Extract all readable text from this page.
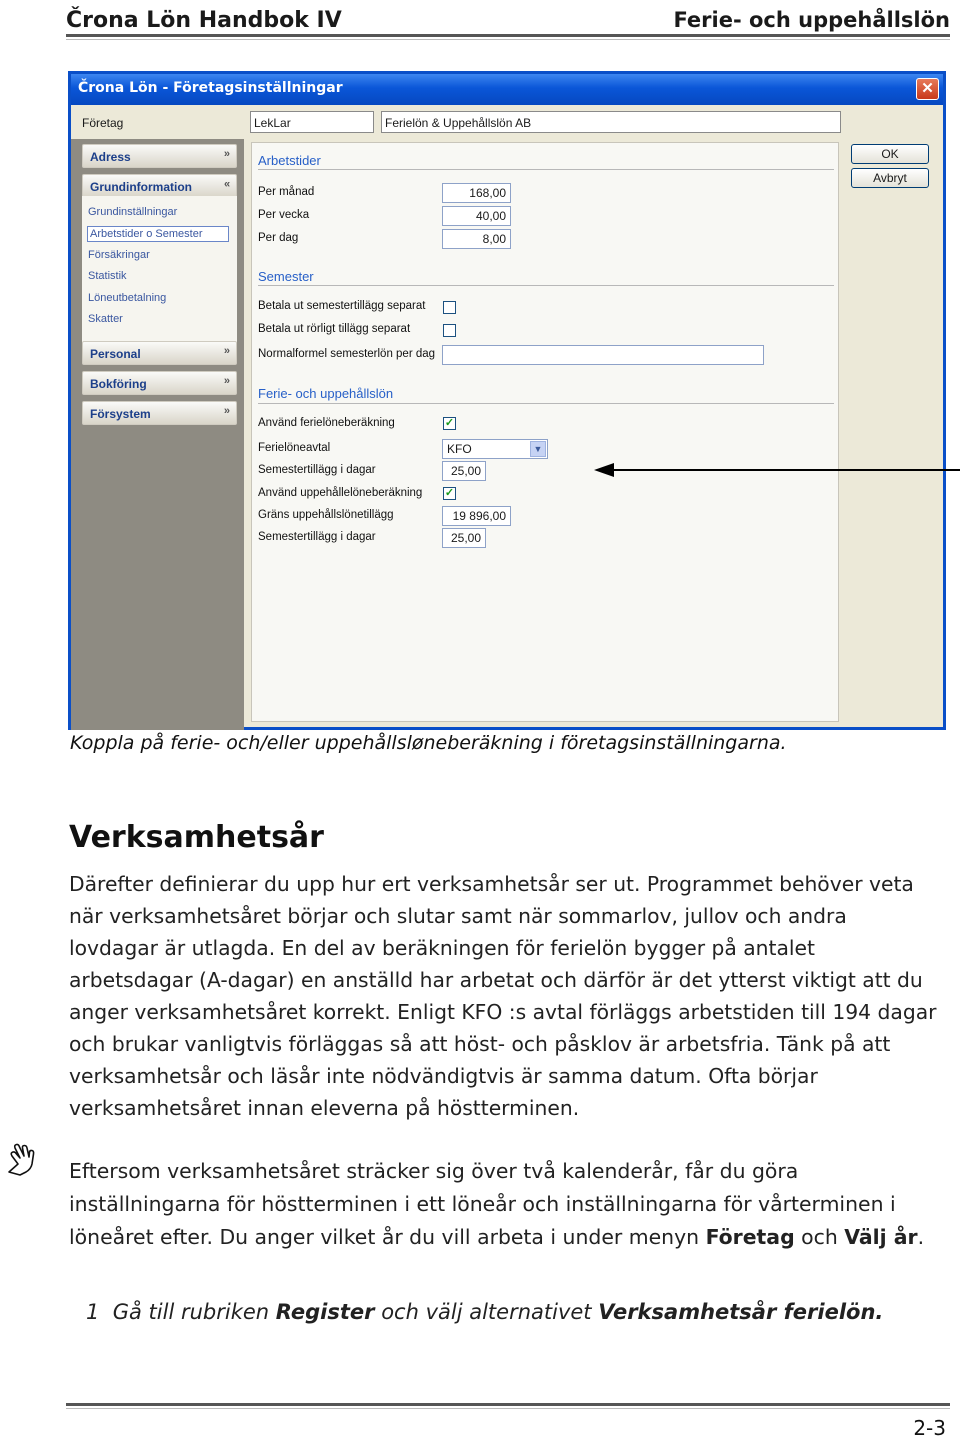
Črona Lön Handbok IV	Ferie- och uppehållslön
Črona Lön - Företagsinställningar	✕
Företag	LekLar	Ferielön & Uppehållslön AB
Adress	»
Grundinformation	»
Grundinställningar
Arbetstider o Semester
Försäkringar
Statistik
Löneutbetalning
Skatter
Personal	»
Bokföring	»
Försystem	»
Arbetstider
Per månad	168,00
Per vecka	40,00
Per dag	8,00
Semester
Betala ut semestertillägg separat
Betala ut rörligt tillägg separat
Normalformel semesterlön per dag
Ferie- och uppehållslön
Använd ferielöneberäkning	✓
Ferielöneavtal	KFO	▼
Semestertillägg i dagar	25,00
Använd uppehållelöneberäkning ✓
Gräns uppehållslönetillägg	19 896,00
Semestertillägg i dagar	25,00
OK
Avbryt
Koppla på ferie- och/eller uppehållsløneberäkning i företagsinställningarna.
Verksamhetsår
Därefter definierar du upp hur ert verksamhetsår ser ut. Programmet behöver veta när verksamhetsåret börjar och slutar samt när sommarlov, jullov och andra lovdagar är utlagda. En del av beräkningen för ferielön bygger på antalet arbetsdagar (A-dagar) en anställd har arbetat och därför är det ytterst viktigt att du anger verksamhetsåret korrekt. Enligt KFO :s avtal förläggs arbetstiden till 194 dagar och brukar vanligtvis förläggas så att höst- och påsklov är arbetsfria. Tänk på att verksamhetsår och läsår inte nödvändigtvis är samma datum. Ofta börjar verksamhetsåret innan eleverna på höstterminen.
Eftersom verksamhetsåret sträcker sig över två kalenderår, får du göra inställningarna för höstterminen i ett löneår och inställningarna för vårterminen i löneåret efter. Du anger vilket år du vill arbeta i under menyn Företag och Välj år.
1 Gå till rubriken Register och välj alternativet Verksamhetsår ferielön.
2-3
